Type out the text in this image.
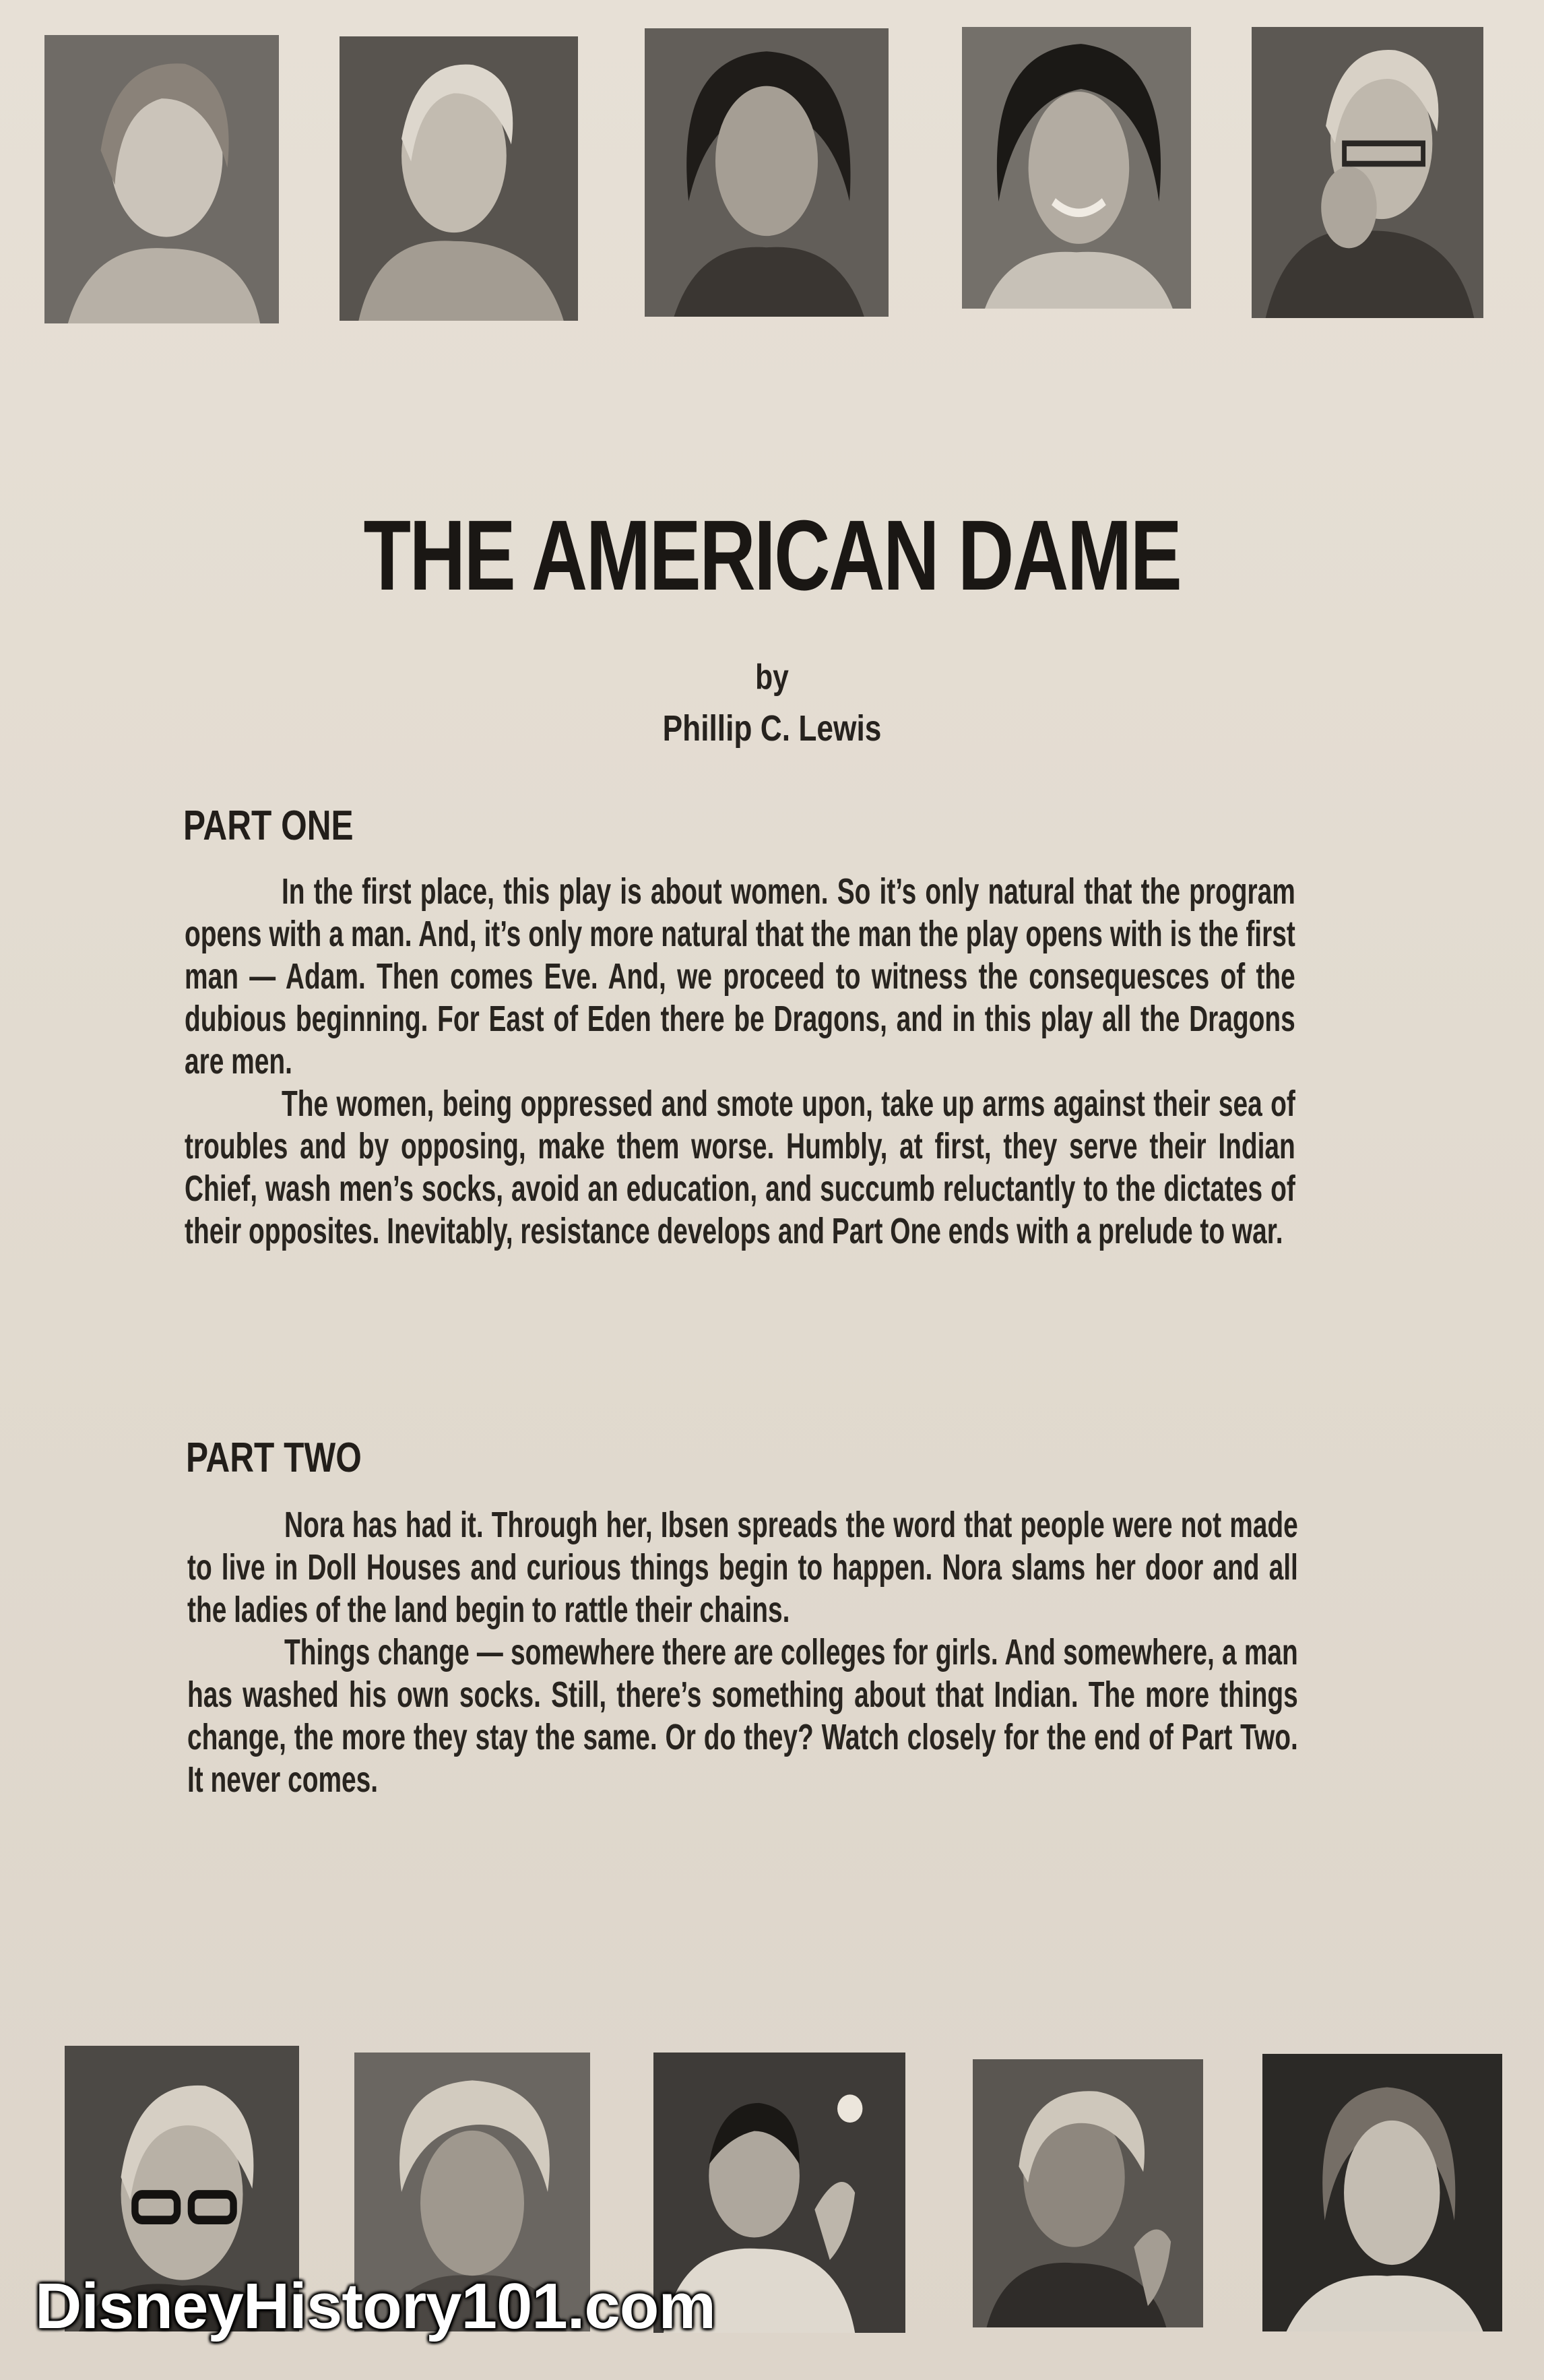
THE AMERICAN DAME
by
Phillip C. Lewis
PART ONE

In the first place, this play is about women. So it’s only natural that the program opens with a man. And, it’s only more natural that the man the play opens with is the first man — Adam. Then comes Eve. And, we proceed to witness the consequesces of the dubious beginning. For East of Eden there be Dragons, and in this play all the Dragons are men.

The women, being oppressed and smote upon, take up arms against their sea of troubles and by opposing, make them worse. Humbly, at first, they serve their Indian Chief, wash men’s socks, avoid an education, and succumb reluctantly to the dictates of their opposites. Inevitably, resistance develops and Part One ends with a prelude to war.

PART TWO

Nora has had it. Through her, Ibsen spreads the word that people were not made to live in Doll Houses and curious things begin to happen. Nora slams her door and all the ladies of the land begin to rattle their chains.

Things change — somewhere there are colleges for girls. And somewhere, a man has washed his own socks. Still, there’s something about that Indian. The more things change, the more they stay the same. Or do they? Watch closely for the end of Part Two. It never comes.

DisneyHistory101.com
